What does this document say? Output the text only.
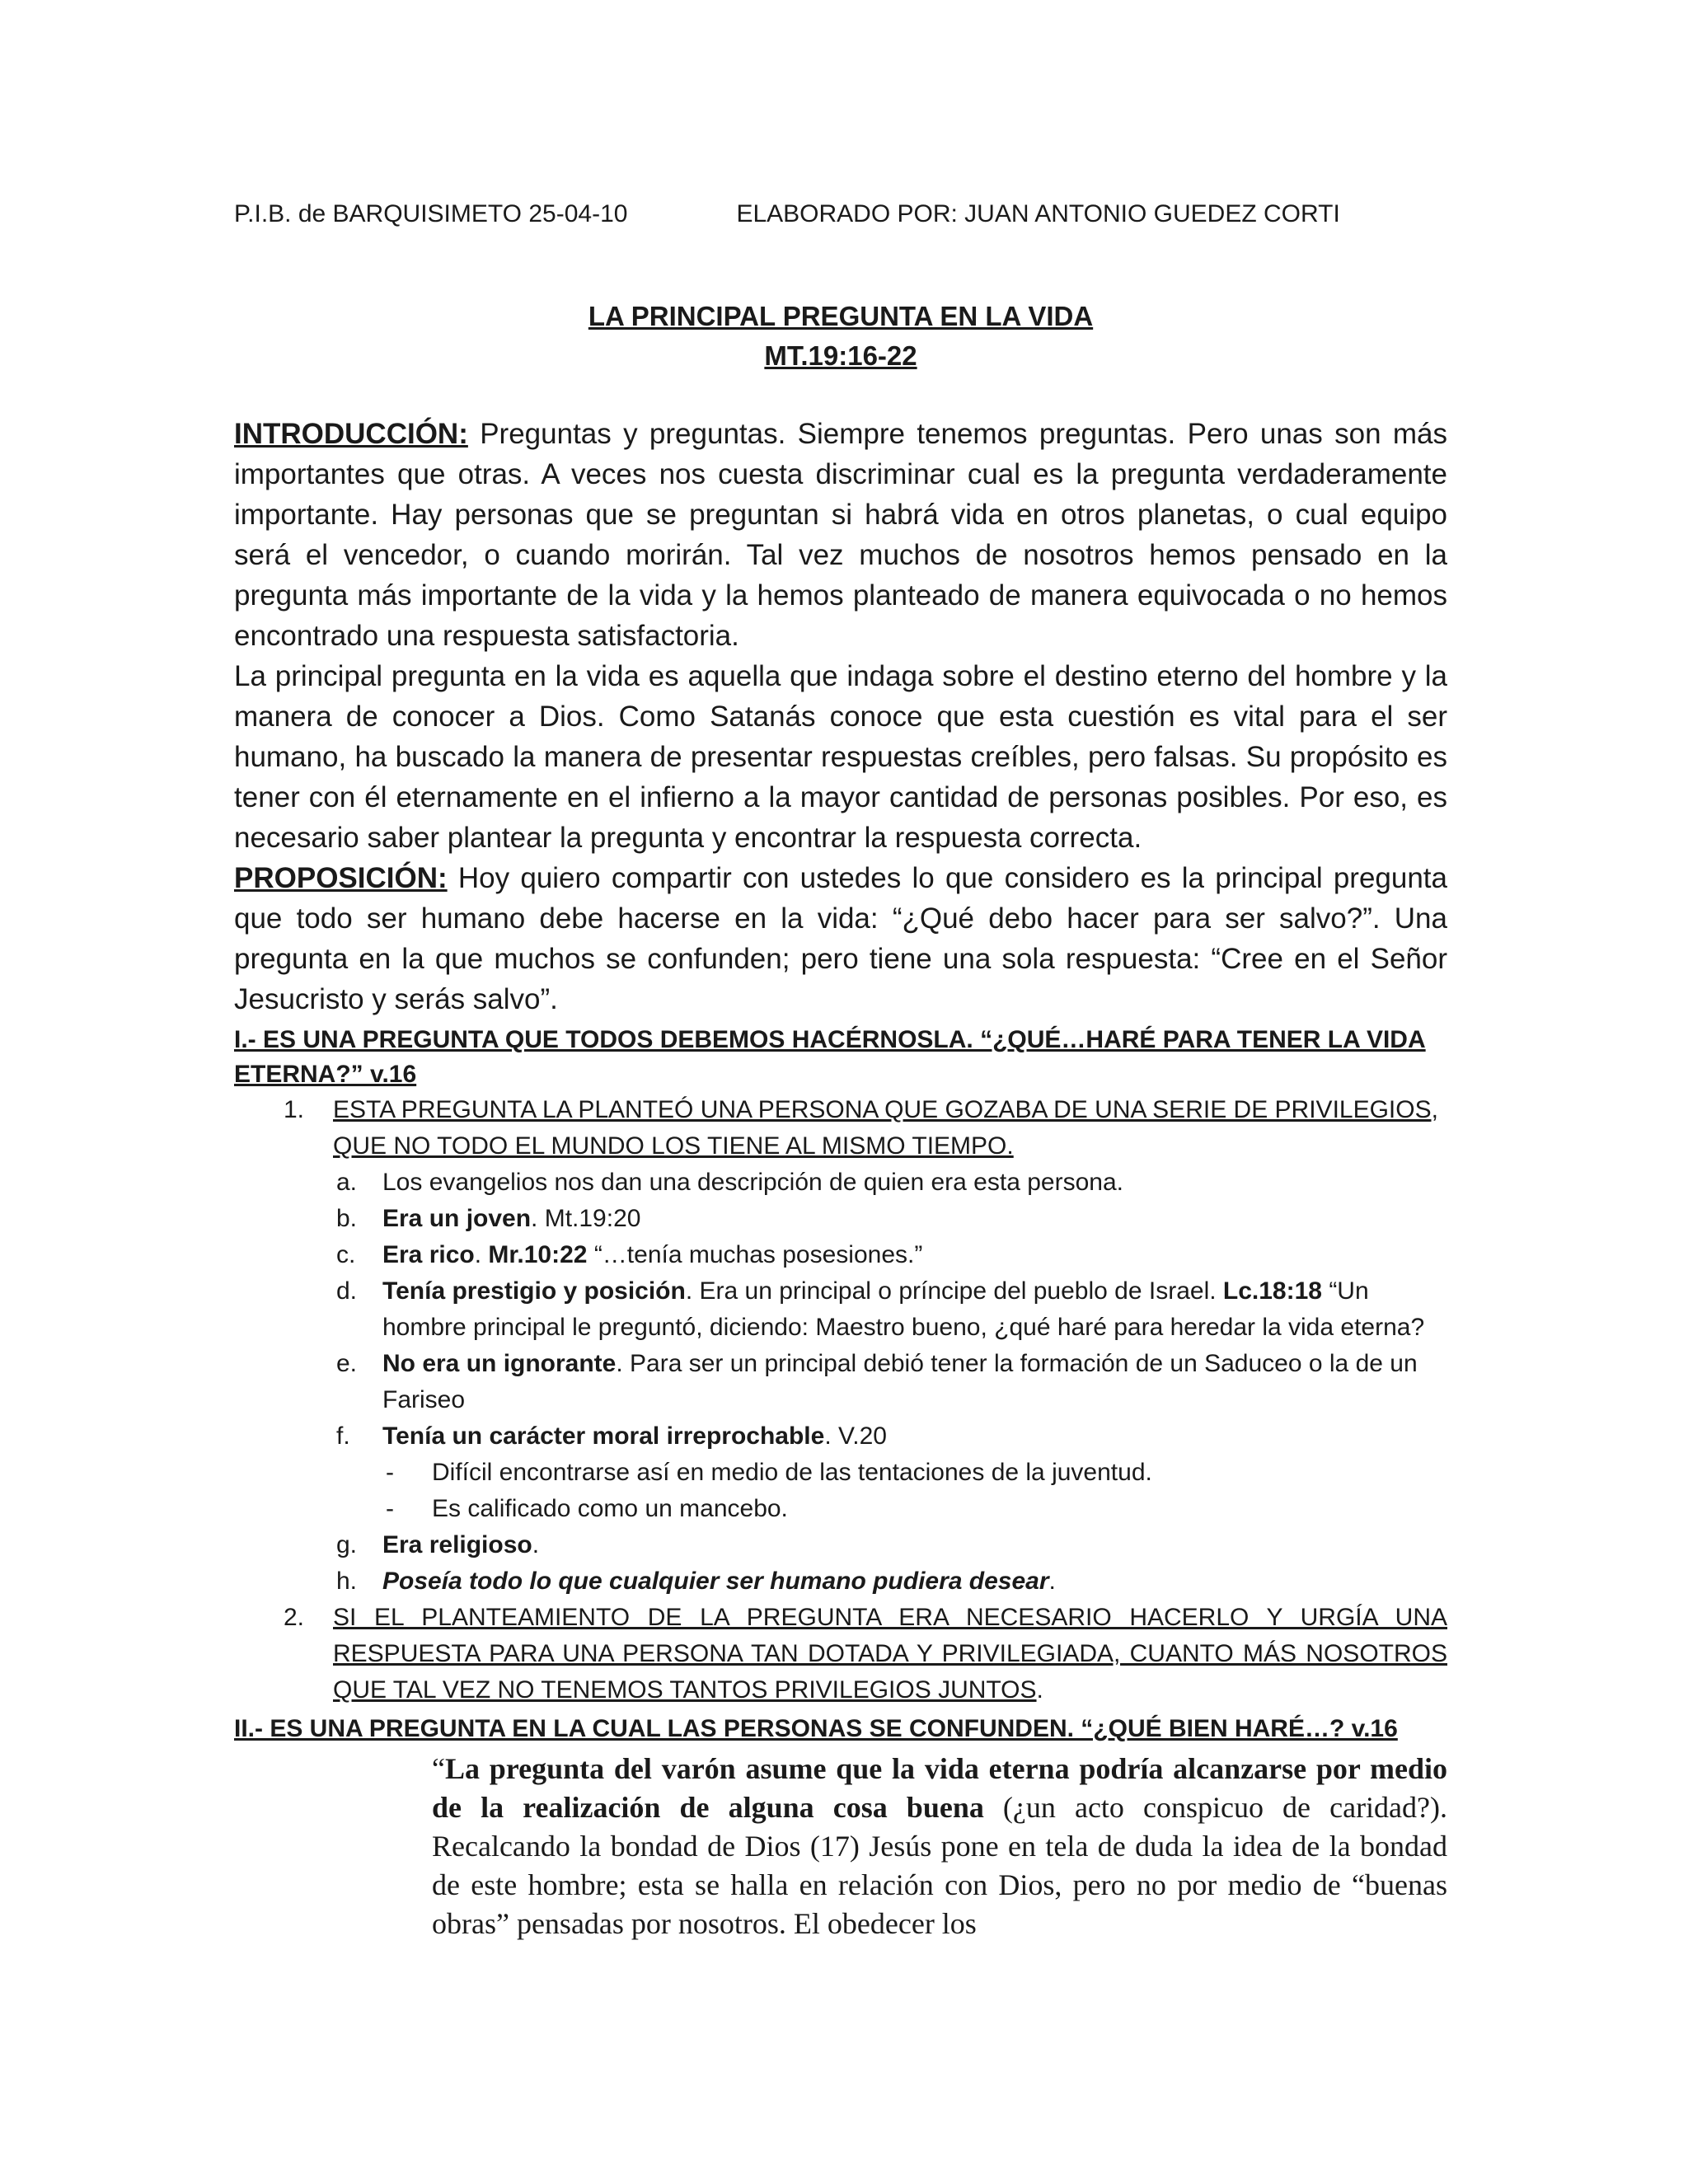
P.I.B. de BARQUISIMETO 25-04-10	ELABORADO POR: JUAN ANTONIO GUEDEZ CORTI
LA PRINCIPAL PREGUNTA EN LA VIDA
MT.19:16-22
INTRODUCCIÓN: Preguntas y preguntas. Siempre tenemos preguntas. Pero unas son más importantes que otras. A veces nos cuesta discriminar cual es la pregunta verdaderamente importante. Hay personas que se preguntan si habrá vida en otros planetas, o cual equipo será el vencedor, o cuando morirán. Tal vez muchos de nosotros hemos pensado en la pregunta más importante de la vida y la hemos planteado de manera equivocada o no hemos encontrado una respuesta satisfactoria.
La principal pregunta en la vida es aquella que indaga sobre el destino eterno del hombre y la manera de conocer a Dios. Como Satanás conoce que esta cuestión es vital para el ser humano, ha buscado la manera de presentar respuestas creíbles, pero falsas. Su propósito es tener con él eternamente en el infierno a la mayor cantidad de personas posibles. Por eso, es necesario saber plantear la pregunta y encontrar la respuesta correcta.
PROPOSICIÓN: Hoy quiero compartir con ustedes lo que considero es la principal pregunta que todo ser humano debe hacerse en la vida: “¿Qué debo hacer para ser salvo?”. Una pregunta en la que muchos se confunden; pero tiene una sola respuesta: “Cree en el Señor Jesucristo y serás salvo”.
I.- ES UNA PREGUNTA QUE TODOS DEBEMOS HACÉRNOSLA. “¿QUÉ…HARÉ PARA TENER LA VIDA ETERNA?” v.16
1. ESTA PREGUNTA LA PLANTEÓ UNA PERSONA QUE GOZABA DE UNA SERIE DE PRIVILEGIOS, QUE NO TODO EL MUNDO LOS TIENE AL MISMO TIEMPO.
a. Los evangelios nos dan una descripción de quien era esta persona.
b. Era un joven. Mt.19:20
c. Era rico. Mr.10:22 “…tenía muchas posesiones.”
d. Tenía prestigio y posición. Era un principal o príncipe del pueblo de Israel. Lc.18:18 “Un hombre principal le preguntó, diciendo: Maestro bueno, ¿qué haré para heredar la vida eterna?
e. No era un ignorante. Para ser un principal debió tener la formación de un Saduceo o la de un Fariseo
f. Tenía un carácter moral irreprochable. V.20
- Difícil encontrarse así en medio de las tentaciones de la juventud.
- Es calificado como un mancebo.
g. Era religioso.
h. Poseía todo lo que cualquier ser humano pudiera desear.
2. SI EL PLANTEAMIENTO DE LA PREGUNTA ERA NECESARIO HACERLO Y URGÍA UNA RESPUESTA PARA UNA PERSONA TAN DOTADA Y PRIVILEGIADA, CUANTO MÁS NOSOTROS QUE TAL VEZ NO TENEMOS TANTOS PRIVILEGIOS JUNTOS.
II.- ES UNA PREGUNTA EN LA CUAL LAS PERSONAS SE CONFUNDEN. “¿QUÉ BIEN HARÉ…? v.16
“La pregunta del varón asume que la vida eterna podría alcanzarse por medio de la realización de alguna cosa buena (¿un acto conspicuo de caridad?). Recalcando la bondad de Dios (17) Jesús pone en tela de duda la idea de la bondad de este hombre; esta se halla en relación con Dios, pero no por medio de “buenas obras” pensadas por nosotros. El obedecer los
